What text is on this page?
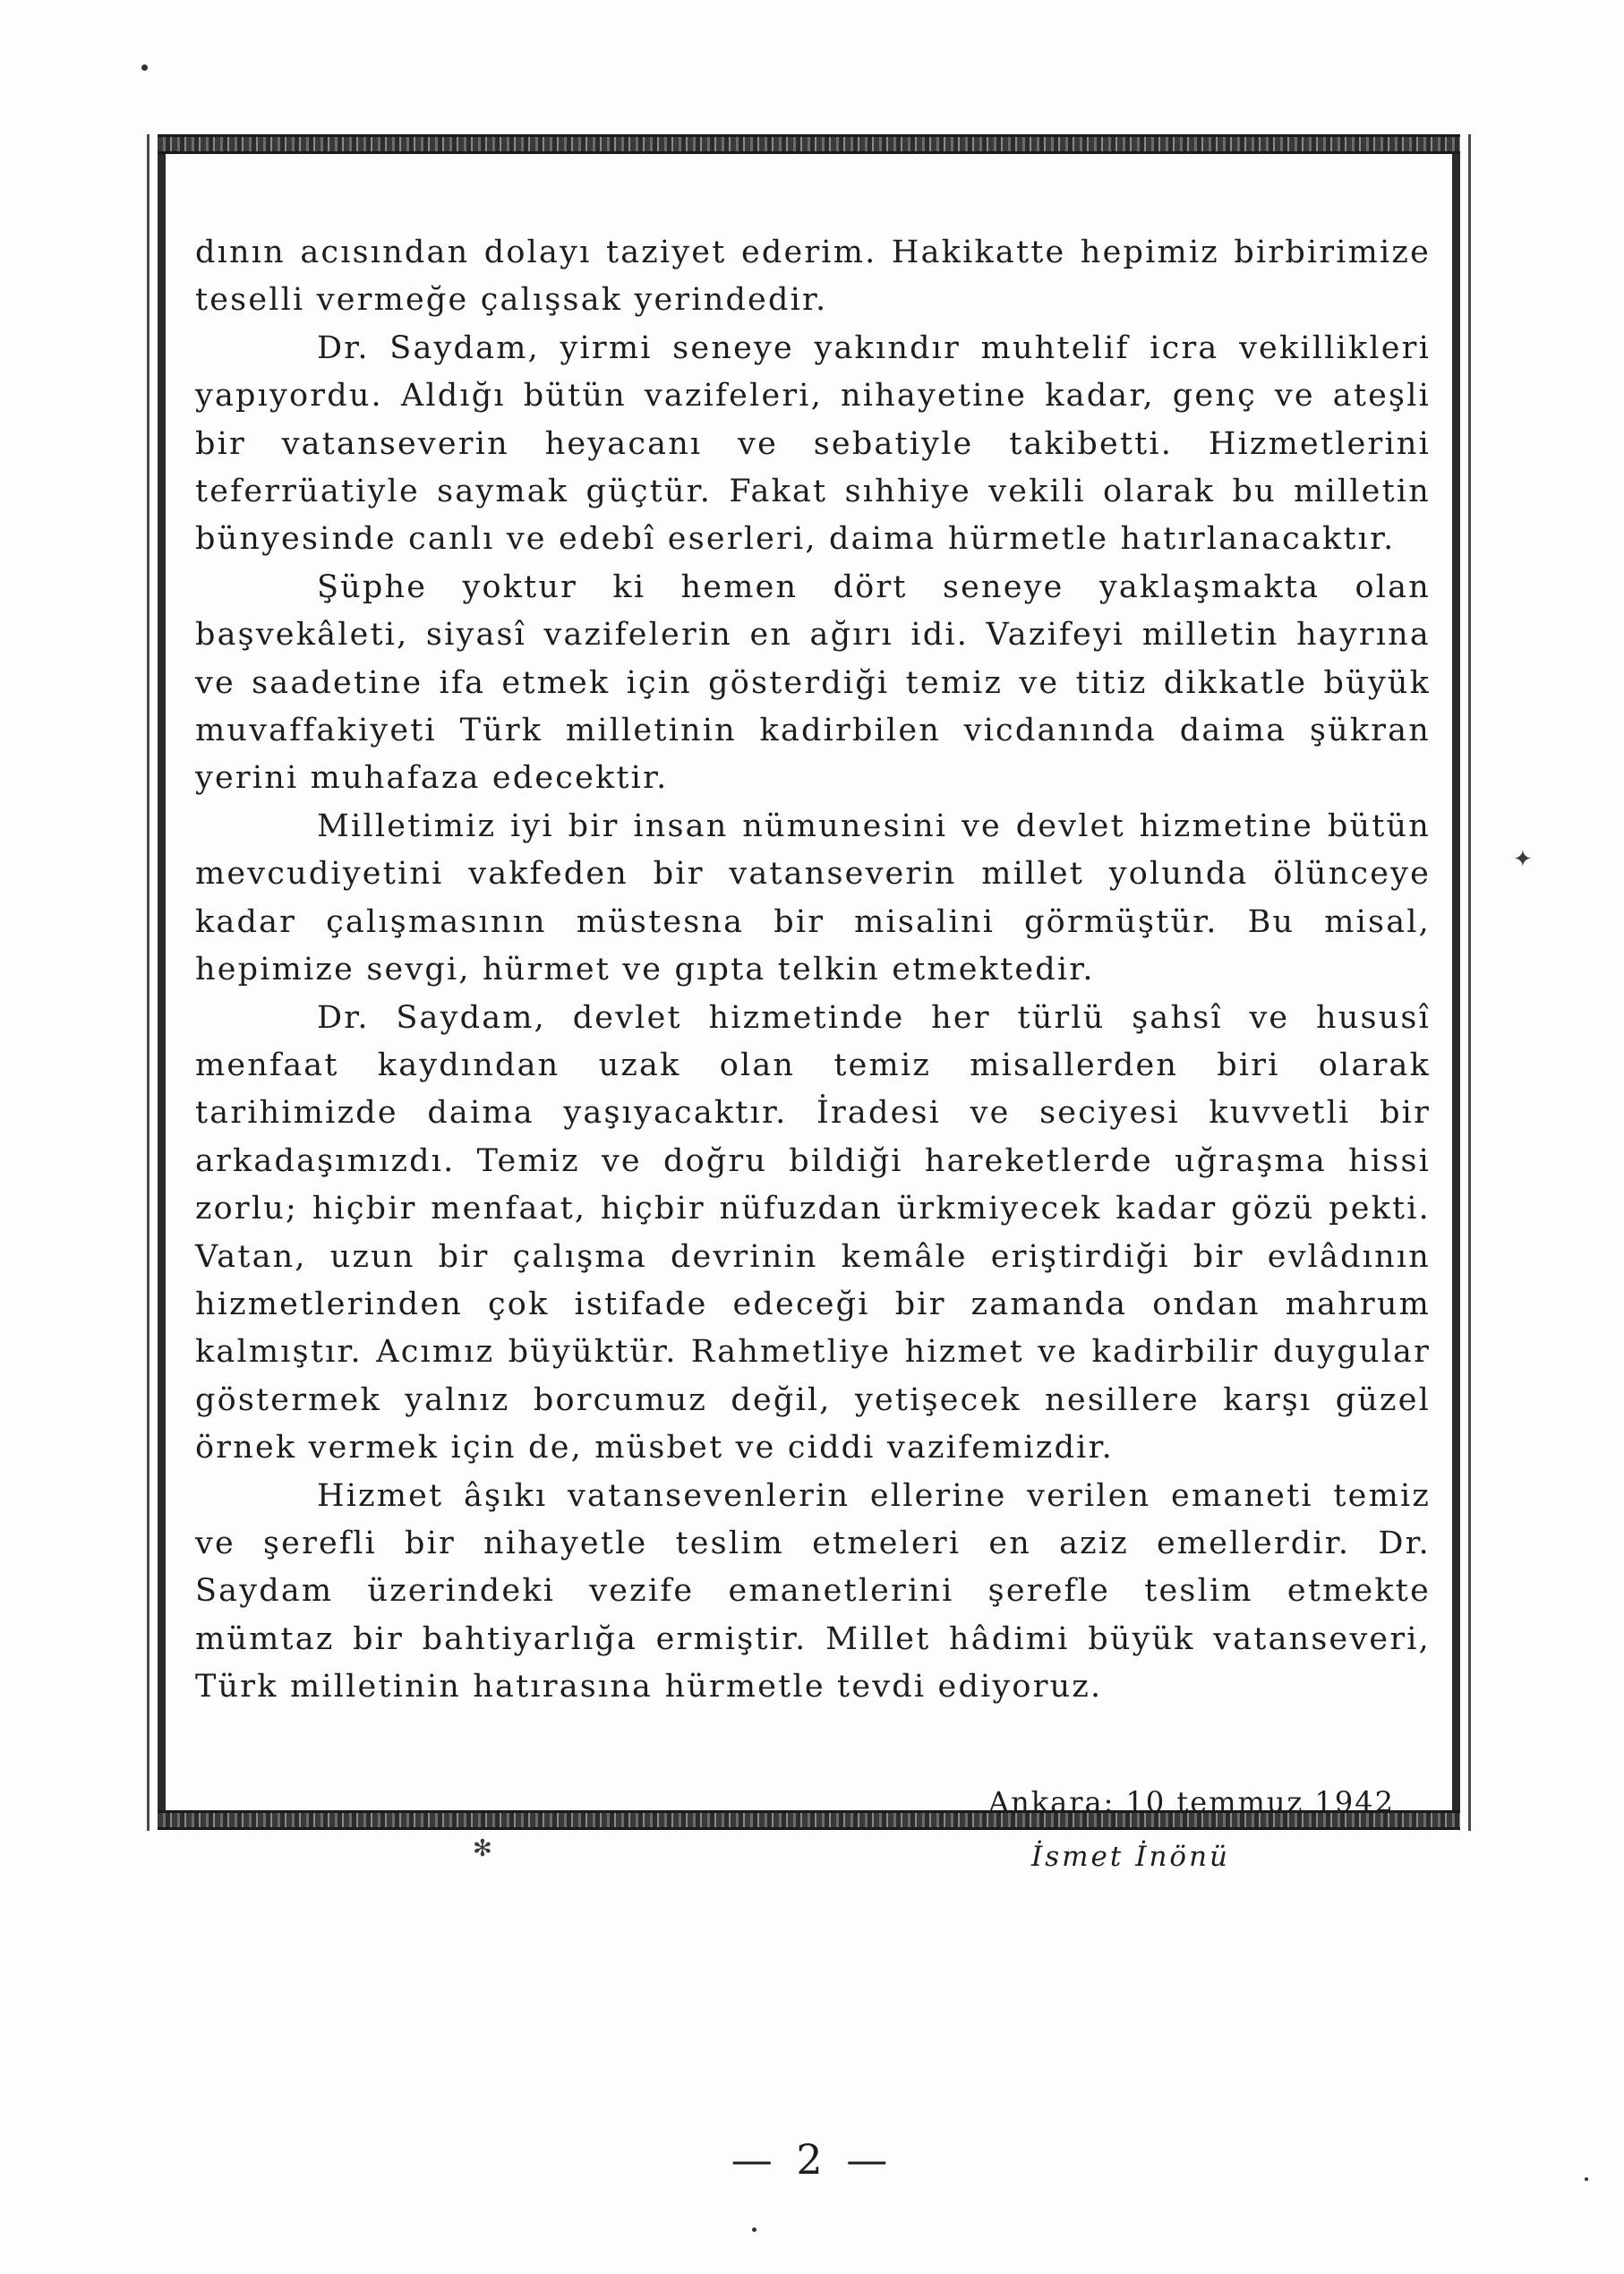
dının acısından dolayı taziyet ederim. Hakikatte hepimiz birbirimize teselli vermeğe çalışsak yerindedir.

Dr. Saydam, yirmi seneye yakındır muhtelif icra vekillikleri yapıyordu. Aldığı bütün vazifeleri, nihayetine kadar, genç ve ateşli bir vatanseverin heyacanı ve sebatiyle takibetti. Hizmetlerini teferrüatiyle saymak güçtür. Fakat sıhhiye vekili olarak bu milletin bünyesinde canlı ve edebî eserleri, daima hürmetle hatırlanacaktır.

Şüphe yoktur ki hemen dört seneye yaklaşmakta olan başvekâleti, siyasî vazifelerin en ağırı idi. Vazifeyi milletin hayrına ve saadetine ifa etmek için gösterdiği temiz ve titiz dikkatle büyük muvaffakiyeti Türk milletinin kadirbilen vicdanında daima şükran yerini muhafaza edecektir.

Milletimiz iyi bir insan nümunesini ve devlet hizmetine bütün mevcudiyetini vakfeden bir vatanseverin millet yolunda ölünceye kadar çalışmasının müstesna bir misalini görmüştür. Bu misal, hepimize sevgi, hürmet ve gıpta telkin etmektedir.

Dr. Saydam, devlet hizmetinde her türlü şahsî ve hususî menfaat kaydından uzak olan temiz misallerden biri olarak tarihimizde daima yaşıyacaktır. İradesi ve seciyesi kuvvetli bir arkadaşımızdı. Temiz ve doğru bildiği hareketlerde uğraşma hissi zorlu; hiçbir menfaat, hiçbir nüfuzdan ürkmiyecek kadar gözü pekti. Vatan, uzun bir çalışma devrinin kemâle eriştirdiği bir evlâdının hizmetlerinden çok istifade edeceği bir zamanda ondan mahrum kalmıştır. Acımız büyüktür. Rahmetliye hizmet ve kadirbilir duygular göstermek yalnız borcumuz değil, yetişecek nesillere karşı güzel örnek vermek için de, müsbet ve ciddi vazifemizdir.

Hizmet âşıkı vatansevenlerin ellerine verilen emaneti temiz ve şerefli bir nihayetle teslim etmeleri en aziz emellerdir. Dr. Saydam üzerindeki vezife emanetlerini şerefle teslim etmekte mümtaz bir bahtiyarlığa ermiştir. Millet hâdimi büyük vatanseveri, Türk milletinin hatırasına hürmetle tevdi ediyoruz.

Ankara: 10 temmuz 1942
İsmet İnönü
✻
✦
— 2 —
